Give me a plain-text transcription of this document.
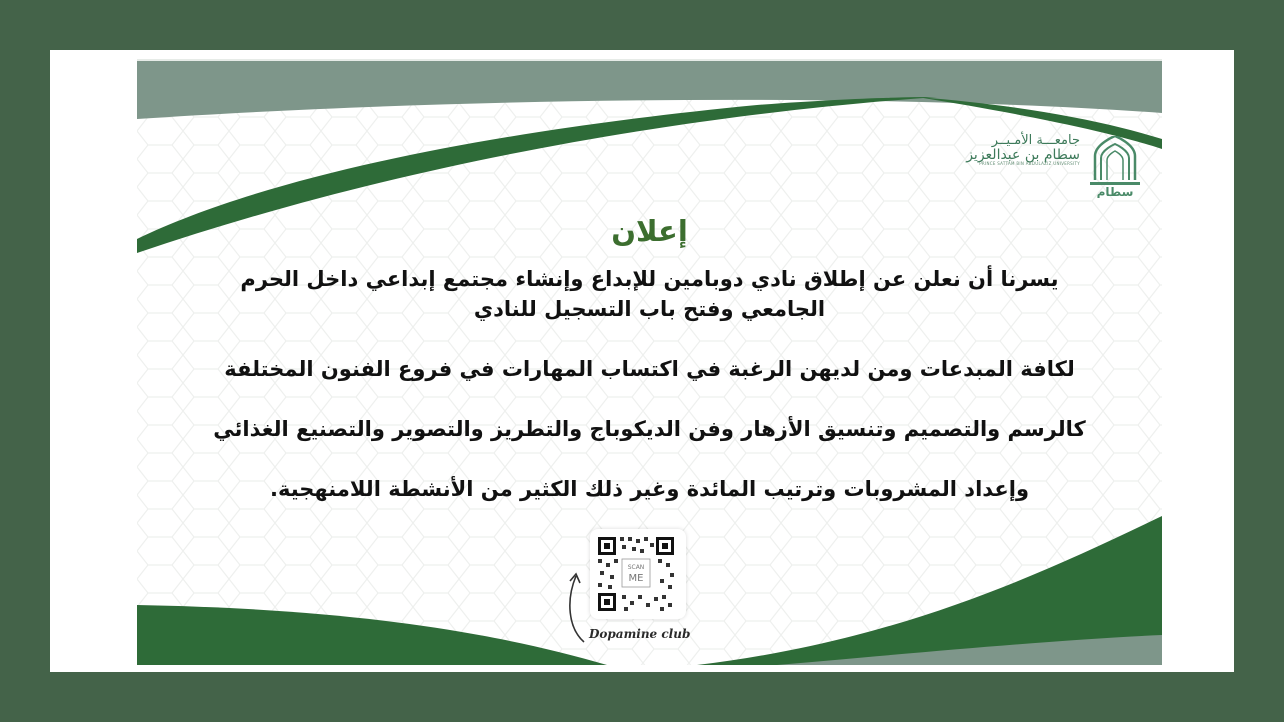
جامعـــة الأمـيــر
سطام بن عبدالعزيز
PRINCE SATTAM BIN ABDULAZIZ UNIVERSITY
سطام
إعلان
يسرنا أن نعلن عن إطلاق نادي دوبامين للإبداع وإنشاء مجتمع إبداعي داخل الحرم
الجامعي وفتح باب التسجيل للنادي
لكافة المبدعات ومن لديهن الرغبة في اكتساب المهارات في فروع الفنون المختلفة
كالرسم والتصميم وتنسيق الأزهار وفن الديكوباج والتطريز والتصوير والتصنيع الغذائي
وإعداد المشروبات وترتيب المائدة وغير ذلك الكثير من الأنشطة اللامنهجية.
SCAN
ME
Dopamine club
